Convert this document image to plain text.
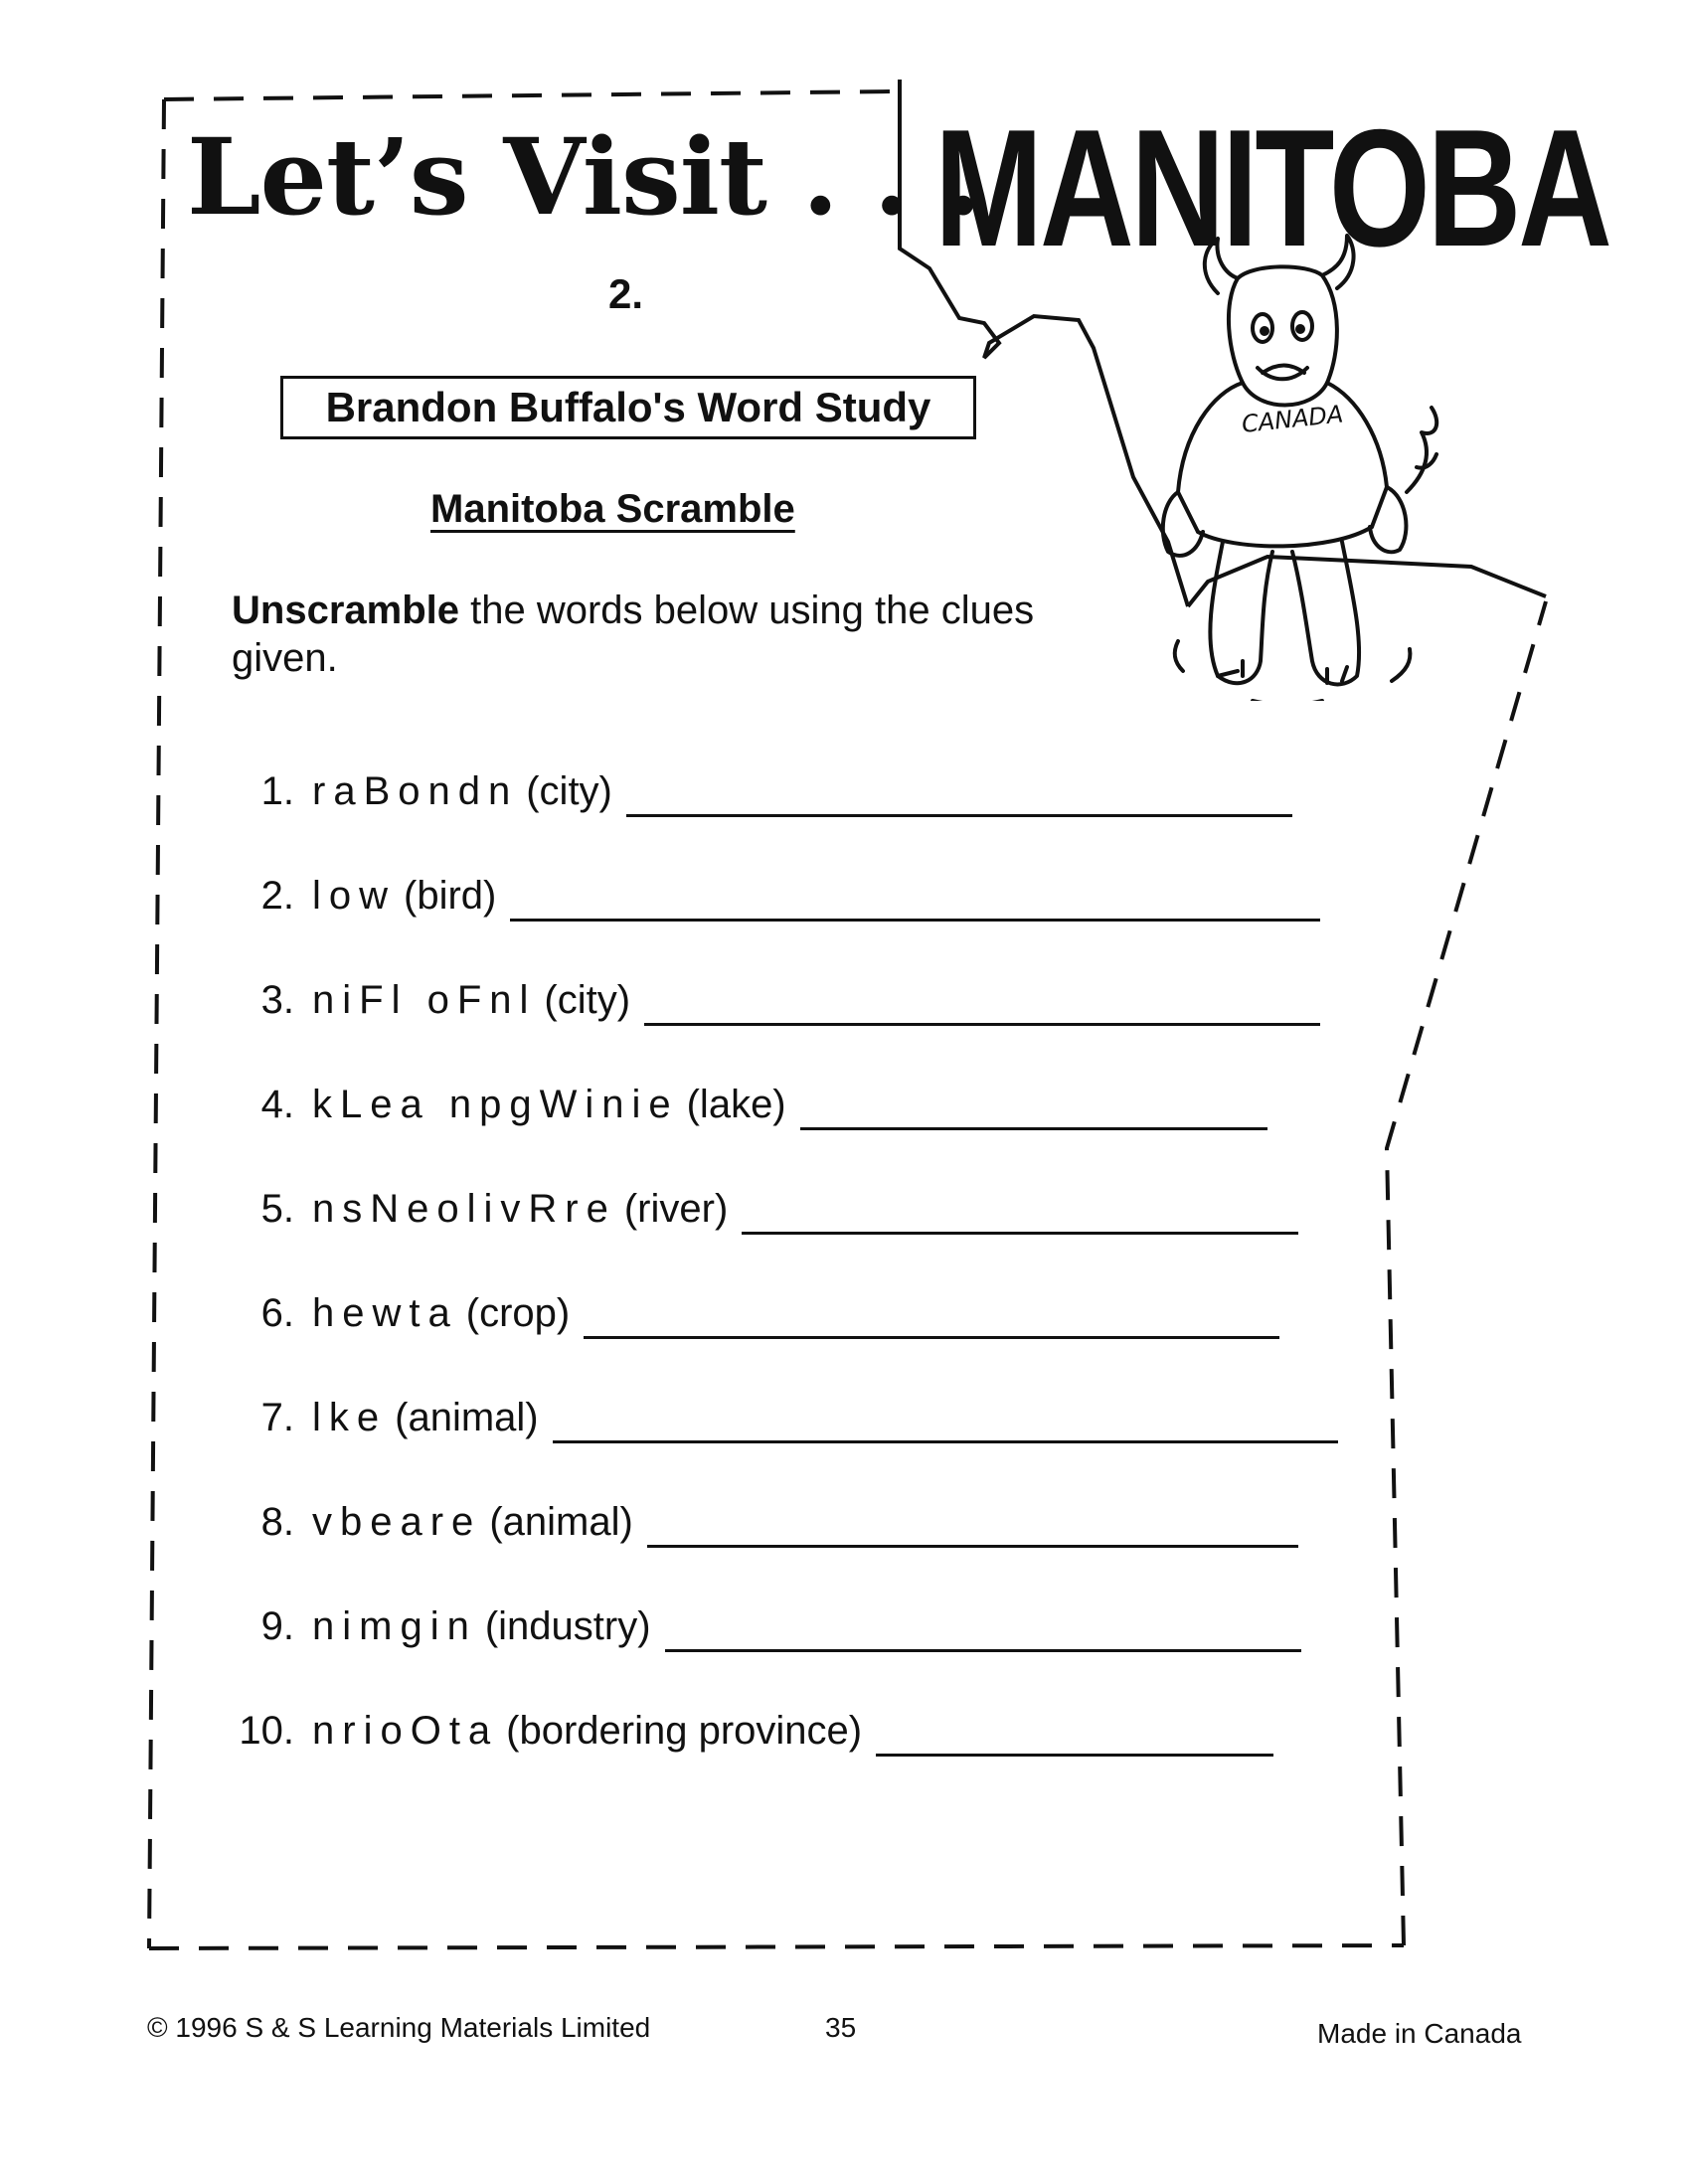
Let’s Visit . . .
MANITOBA
2.
CANADA
Brandon Buffalo's Word Study
Manitoba Scramble
Unscramble the words below using the clues given.
1. raBondn (city)
2. low (bird)
3. niFl oFnl (city)
4. kLea npgWinie (lake)
5. nsNeolivRre (river)
6. hewta (crop)
7. lke (animal)
8. vbeare (animal)
9. nimgin (industry)
10. nrioOta (bordering province)
© 1996 S & S Learning Materials Limited	35	Made in Canada
